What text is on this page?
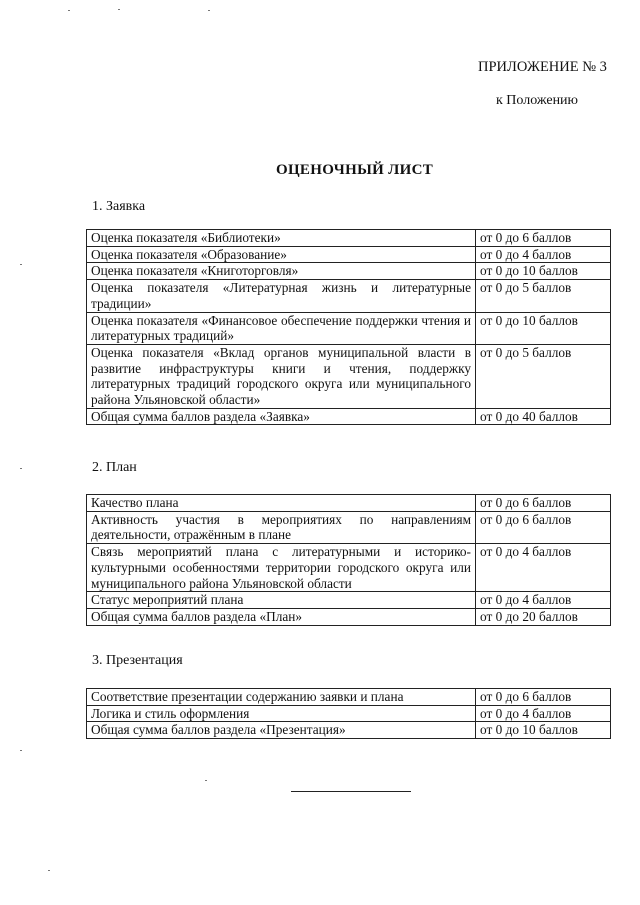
ПРИЛОЖЕНИЕ № 3
к Положению
ОЦЕНОЧНЫЙ ЛИСТ
1. Заявка
Оценка показателя «Библиотеки»	от 0 до 6 баллов
Оценка показателя «Образование»	от 0 до 4 баллов
Оценка показателя «Книготорговля»	от 0 до 10 баллов
Оценка показателя «Литературная жизнь и литературные традиции»	от 0 до 5 баллов
Оценка показателя «Финансовое обеспечение поддержки чтения и литературных традиций»	от 0 до 10 баллов
Оценка показателя «Вклад органов муниципальной власти в развитие инфраструктуры книги и чтения, поддержку литературных традиций городского округа или муниципального района Ульяновской области»	от 0 до 5 баллов
Общая сумма баллов раздела «Заявка»	от 0 до 40 баллов
2. План
Качество плана	от 0 до 6 баллов
Активность участия в мероприятиях по направлениям деятельности, отражённым в плане	от 0 до 6 баллов
Связь мероприятий плана с литературными и историко-культурными особенностями территории городского округа или муниципального района Ульяновской области	от 0 до 4 баллов
Статус мероприятий плана	от 0 до 4 баллов
Общая сумма баллов раздела «План»	от 0 до 20 баллов
3. Презентация
Соответствие презентации содержанию заявки и плана	от 0 до 6 баллов
Логика и стиль оформления	от 0 до 4 баллов
Общая сумма баллов раздела «Презентация»	от 0 до 10 баллов
